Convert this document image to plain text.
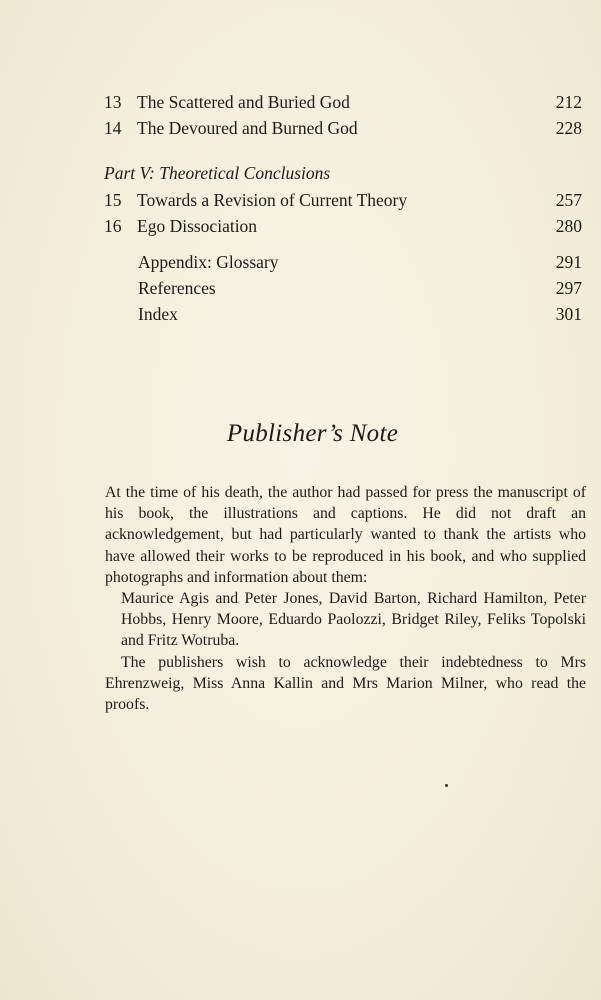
13 The Scattered and Buried God	212
14 The Devoured and Burned God	228
Part V: Theoretical Conclusions
15 Towards a Revision of Current Theory	257
16 Ego Dissociation	280
Appendix: Glossary	291
References	297
Index	301
Publisher’s Note

At the time of his death, the author had passed for press the manuscript of his book, the illustrations and captions. He did not draft an acknowledgement, but had particularly wanted to thank the artists who have allowed their works to be reproduced in his book, and who supplied photographs and information about them:

Maurice Agis and Peter Jones, David Barton, Richard Hamilton, Peter Hobbs, Henry Moore, Eduardo Paolozzi, Bridget Riley, Feliks Topolski and Fritz Wotruba.

The publishers wish to acknowledge their indebtedness to Mrs Ehrenzweig, Miss Anna Kallin and Mrs Marion Milner, who read the proofs.
